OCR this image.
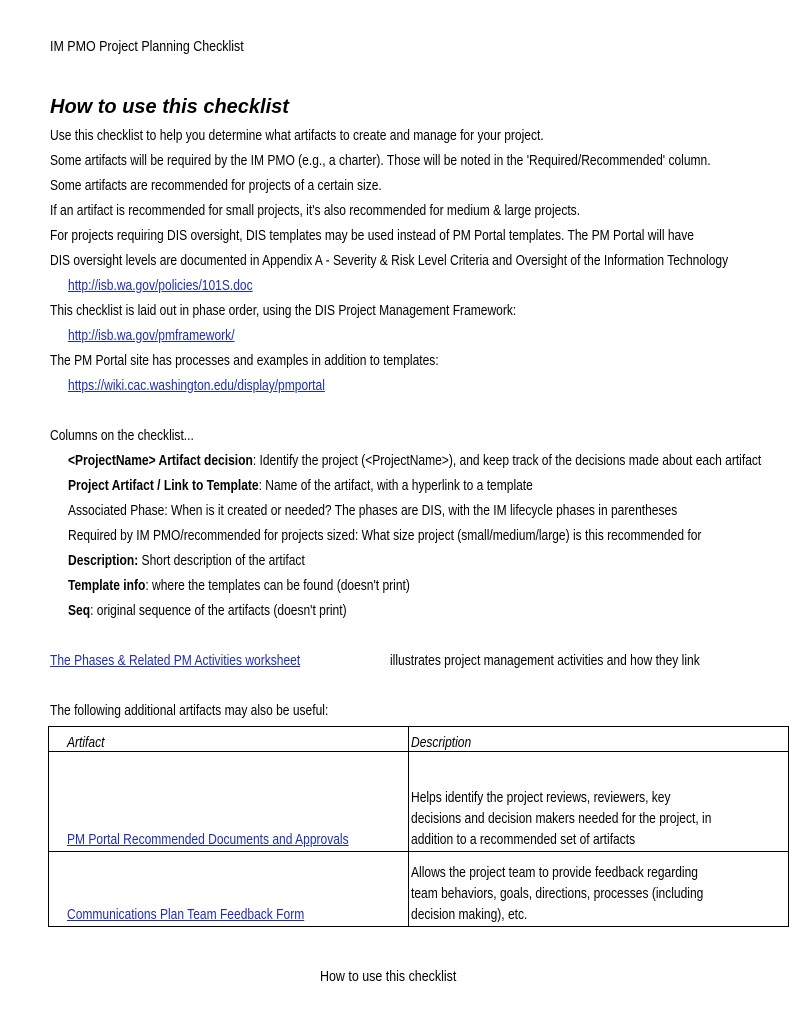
IM PMO Project Planning Checklist
How to use this checklist
Use this checklist to help you determine what artifacts to create and manage for your project.
Some artifacts will be required by the IM PMO (e.g., a charter). Those will be noted in the 'Required/Recommended' column.
Some artifacts are recommended for projects of a certain size.
If an artifact is recommended for small projects, it's also recommended for medium & large projects.
For projects requiring DIS oversight, DIS templates may be used instead of PM Portal templates. The PM Portal will have
DIS oversight levels are documented in Appendix A - Severity & Risk Level Criteria and Oversight of the Information Technology
http://isb.wa.gov/policies/101S.doc
This checklist is laid out in phase order, using the DIS Project Management Framework:
http://isb.wa.gov/pmframework/
The PM Portal site has processes and examples in addition to templates:
https://wiki.cac.washington.edu/display/pmportal
Columns on the checklist...
<ProjectName> Artifact decision: Identify the project (<ProjectName>), and keep track of the decisions made about each artifact
Project Artifact / Link to Template: Name of the artifact, with a hyperlink to a template
Associated Phase: When is it created or needed? The phases are DIS, with the IM lifecycle phases in parentheses
Required by IM PMO/recommended for projects sized: What size project (small/medium/large) is this recommended for
Description: Short description of the artifact
Template info: where the templates can be found (doesn't print)
Seq: original sequence of the artifacts (doesn't print)
The Phases & Related PM Activities worksheet	illustrates project management activities and how they link
The following additional artifacts may also be useful:
Artifact	Description
PM Portal Recommended Documents and Approvals	Helps identify the project reviews, reviewers, key decisions and decision makers needed for the project, in addition to a recommended set of artifacts

Communications Plan Team Feedback Form	Allows the project team to provide feedback regarding team behaviors, goals, directions, processes (including decision making), etc.
How to use this checklist
